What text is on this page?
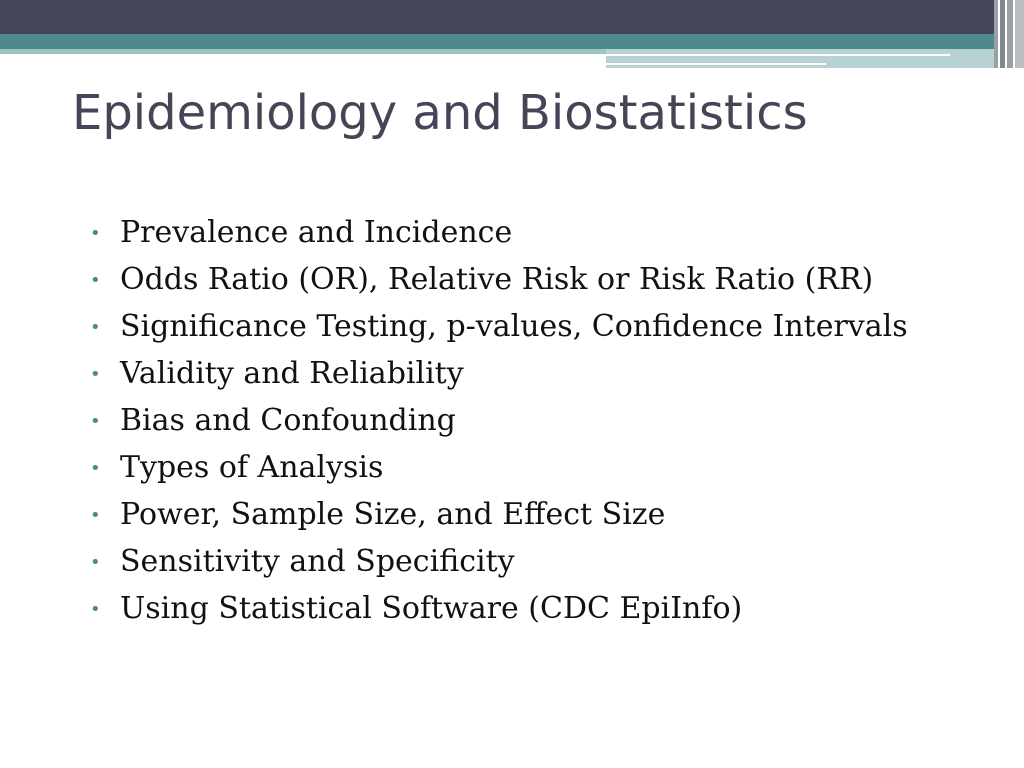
Epidemiology and Biostatistics
• Prevalence and Incidence
• Odds Ratio (OR), Relative Risk or Risk Ratio (RR)
• Significance Testing, p-values, Confidence Intervals
• Validity and Reliability
• Bias and Confounding
• Types of Analysis
• Power, Sample Size, and Effect Size
• Sensitivity and Specificity
• Using Statistical Software (CDC EpiInfo)
